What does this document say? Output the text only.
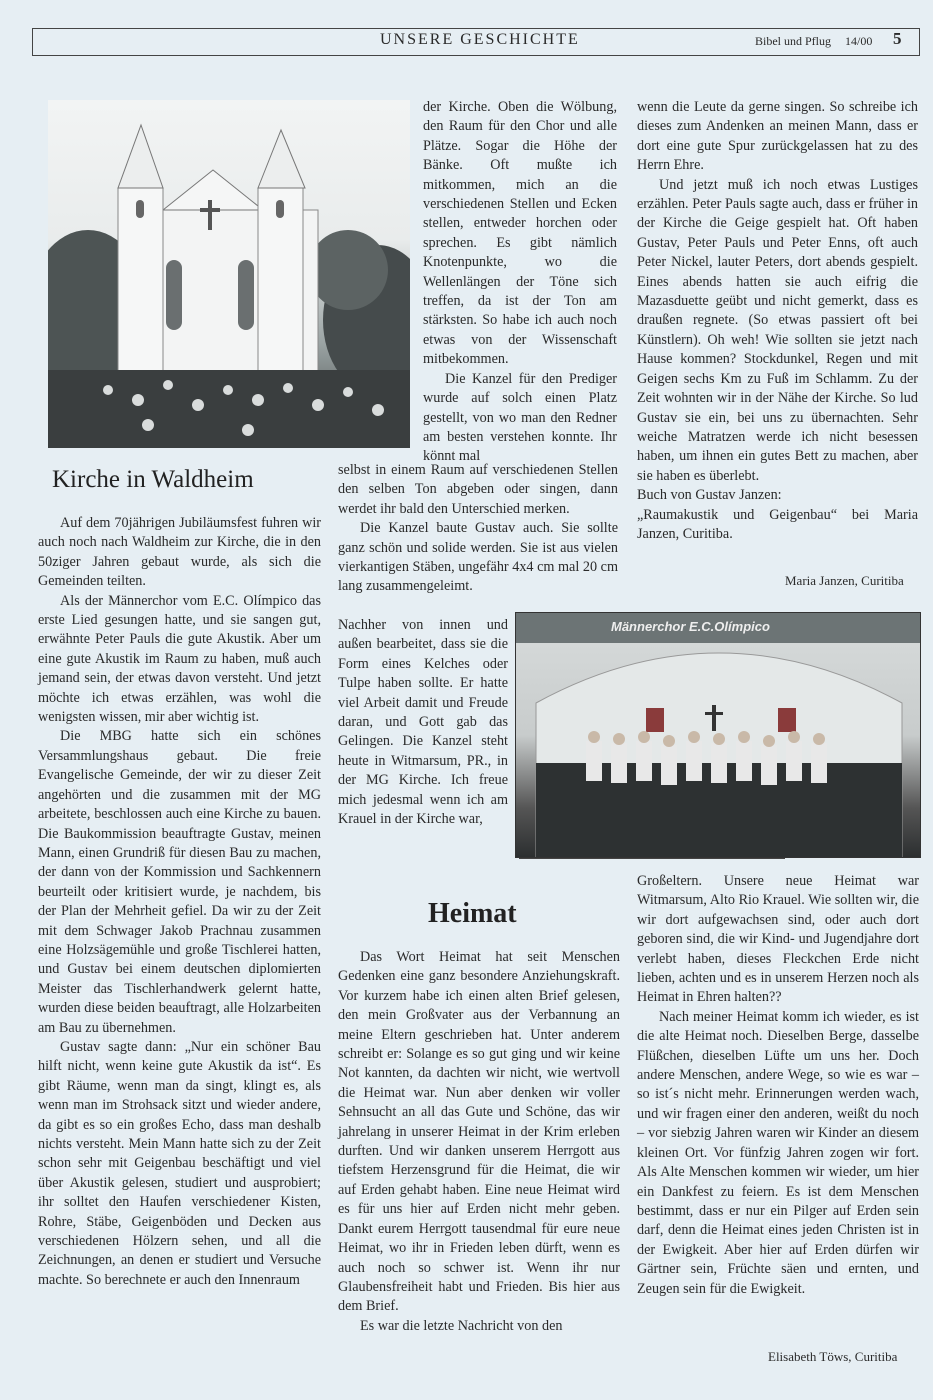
UNSERE GESCHICHTE	Bibel und Pflug 14/00 5
Kirche in Waldheim

Auf dem 70jährigen Jubiläumsfest fuhren wir auch noch nach Waldheim zur Kirche, die in den 50ziger Jahren gebaut wurde, als sich die Gemeinden teilten.

Als der Männerchor vom E.C. Olímpico das erste Lied gesungen hatte, und sie sangen gut, erwähnte Peter Pauls die gute Akustik. Aber um eine gute Akustik im Raum zu haben, muß auch jemand sein, der etwas davon versteht. Und jetzt möchte ich etwas erzählen, was wohl die wenigsten wissen, mir aber wichtig ist.

Die MBG hatte sich ein schönes Versammlungshaus gebaut. Die freie Evangelische Gemeinde, der wir zu dieser Zeit angehörten und die zusammen mit der MG arbeitete, beschlossen auch eine Kirche zu bauen. Die Baukommission beauftragte Gustav, meinen Mann, einen Grundriß für diesen Bau zu machen, der dann von der Kommission und Sachkennern beurteilt oder kritisiert wurde, je nachdem, bis der Plan der Mehrheit gefiel. Da wir zu der Zeit mit dem Schwager Jakob Prachnau zusammen eine Holzsägemühle und große Tischlerei hatten, und Gustav bei einem deutschen diplomierten Meister das Tischlerhandwerk gelernt hatte, wurden diese beiden beauftragt, alle Holzarbeiten am Bau zu übernehmen.

Gustav sagte dann: „Nur ein schöner Bau hilft nicht, wenn keine gute Akustik da ist“. Es gibt Räume, wenn man da singt, klingt es, als wenn man im Strohsack sitzt und wieder andere, da gibt es so ein großes Echo, dass man deshalb nichts versteht. Mein Mann hatte sich zu der Zeit schon sehr mit Geigenbau beschäftigt und viel über Akustik gelesen, studiert und ausprobiert; ihr solltet den Haufen verschiedener Kisten, Rohre, Stäbe, Geigenböden und Decken aus verschiedenen Hölzern sehen, und all die Zeichnungen, an denen er studiert und Versuche machte. So berechnete er auch den Innenraum

der Kirche. Oben die Wölbung, den Raum für den Chor und alle Plätze. Sogar die Höhe der Bänke. Oft mußte ich mitkommen, mich an die verschiedenen Stellen und Ecken stellen, entweder horchen oder sprechen. Es gibt nämlich Knotenpunkte, wo die Wellenlängen der Töne sich treffen, da ist der Ton am stärksten. So habe ich auch noch etwas von der Wissenschaft mitbekommen.

Die Kanzel für den Prediger wurde auf solch einen Platz gestellt, von wo man den Redner am besten verstehen konnte. Ihr könnt mal

selbst in einem Raum auf verschiedenen Stellen den selben Ton abgeben oder singen, dann werdet ihr bald den Unterschied merken.

Die Kanzel baute Gustav auch. Sie sollte ganz schön und solide werden. Sie ist aus vielen vierkantigen Stäben, ungefähr 4x4 cm mal 20 cm lang zusammengeleimt.

Nachher von innen und außen bearbeitet, dass sie die Form eines Kelches oder Tulpe haben sollte. Er hatte viel Arbeit damit und Freude daran, und Gott gab das Gelingen. Die Kanzel steht heute in Witmarsum, PR., in der MG Kirche. Ich freue mich jedesmal wenn ich am Krauel in der Kirche war,

wenn die Leute da gerne singen. So schreibe ich dieses zum Andenken an meinen Mann, dass er dort eine gute Spur zurückgelassen hat zu des Herrn Ehre.

Und jetzt muß ich noch etwas Lustiges erzählen. Peter Pauls sagte auch, dass er früher in der Kirche die Geige gespielt hat. Oft haben Gustav, Peter Pauls und Peter Enns, oft auch Peter Nickel, lauter Peters, dort abends gespielt. Eines abends hatten sie auch eifrig die Mazasduette geübt und nicht gemerkt, dass es draußen regnete. (So etwas passiert oft bei Künstlern). Oh weh! Wie sollten sie jetzt nach Hause kommen? Stockdunkel, Regen und mit Geigen sechs Km zu Fuß im Schlamm. Zu der Zeit wohnten wir in der Nähe der Kirche. So lud Gustav sie ein, bei uns zu übernachten. Sehr weiche Matratzen werde ich nicht besessen haben, um ihnen ein gutes Bett zu machen, aber sie haben es überlebt.

Buch von Gustav Janzen:

„Raumakustik und Geigenbau“ bei Maria Janzen, Curitiba.

Maria Janzen, Curitiba
Männerchor E.C.Olímpico
Heimat

Das Wort Heimat hat seit Menschen Gedenken eine ganz besondere Anziehungskraft. Vor kurzem habe ich einen alten Brief gelesen, den mein Großvater aus der Verbannung an meine Eltern geschrieben hat. Unter anderem schreibt er: Solange es so gut ging und wir keine Not kannten, da dachten wir nicht, wie wertvoll die Heimat war. Nun aber denken wir voller Sehnsucht an all das Gute und Schöne, das wir jahrelang in unserer Heimat in der Krim erleben durften. Und wir danken unserem Herrgott aus tiefstem Herzensgrund für die Heimat, die wir auf Erden gehabt haben. Eine neue Heimat wird es für uns hier auf Erden nicht mehr geben. Dankt eurem Herrgott tausendmal für eure neue Heimat, wo ihr in Frieden leben dürft, wenn es auch noch so schwer ist. Wenn ihr nur Glaubensfreiheit habt und Frieden. Bis hier aus dem Brief.

Es war die letzte Nachricht von den

Großeltern. Unsere neue Heimat war Witmarsum, Alto Rio Krauel. Wie sollten wir, die wir dort aufgewachsen sind, oder auch dort geboren sind, die wir Kind- und Jugendjahre dort verlebt haben, dieses Fleckchen Erde nicht lieben, achten und es in unserem Herzen noch als Heimat in Ehren halten??

Nach meiner Heimat komm ich wieder, es ist die alte Heimat noch. Dieselben Berge, dasselbe Flüßchen, dieselben Lüfte um uns her. Doch andere Menschen, andere Wege, so wie es war – so ist´s nicht mehr. Erinnerungen werden wach, und wir fragen einer den anderen, weißt du noch – vor siebzig Jahren waren wir Kinder an diesem kleinen Ort. Vor fünfzig Jahren zogen wir fort. Als Alte Menschen kommen wir wieder, um hier ein Dankfest zu feiern. Es ist dem Menschen bestimmt, dass er nur ein Pilger auf Erden sein darf, denn die Heimat eines jeden Christen ist in der Ewigkeit. Aber hier auf Erden dürfen wir Gärtner sein, Früchte säen und ernten, und Zeugen sein für die Ewigkeit.

Elisabeth Töws, Curitiba
